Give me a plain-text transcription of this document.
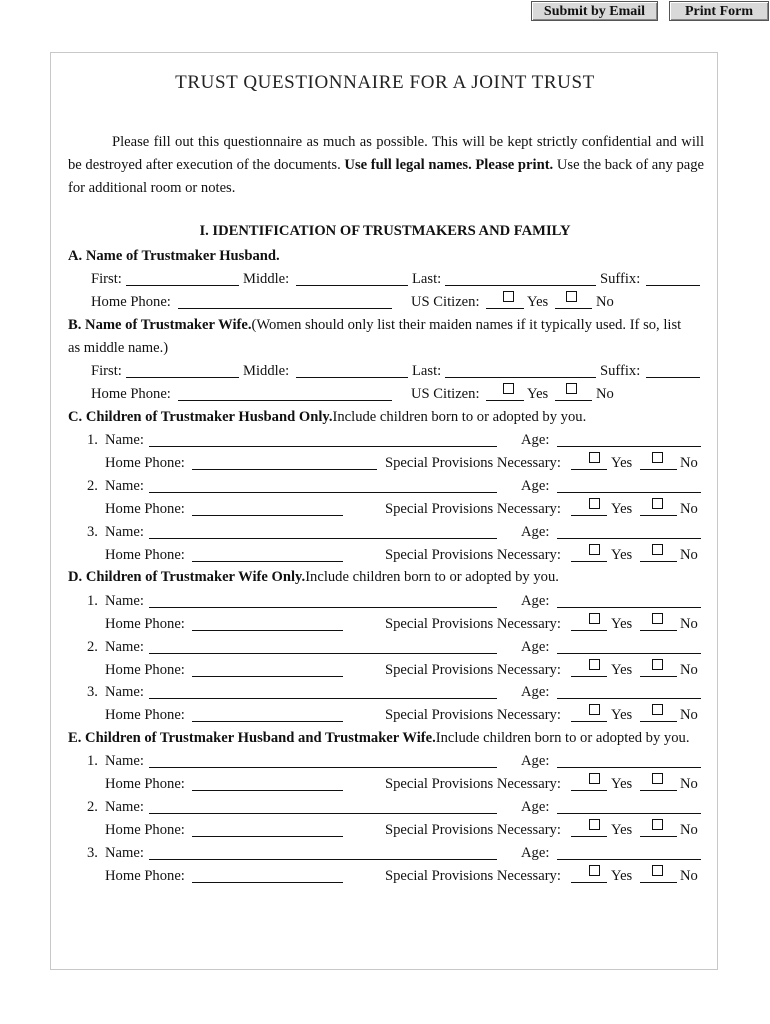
Submit by Email	Print Form
TRUST QUESTIONNAIRE FOR A JOINT TRUST
Please fill out this questionnaire as much as possible. This will be kept strictly confidential and will be destroyed after execution of the documents. Use full legal names. Please print. Use the back of any page for additional room or notes.
I. IDENTIFICATION OF TRUSTMAKERS AND FAMILY
A. Name of Trustmaker Husband.
First:	Middle:	Last:	Suffix:
Home Phone:	US Citizen:	Yes	No
B. Name of Trustmaker Wife. (Women should only list their maiden names if it typically used. If so, list
as middle name.)
First:	Middle:	Last:	Suffix:
Home Phone:	US Citizen:	Yes	No
C. Children of Trustmaker Husband Only. Include children born to or adopted by you.
1. Name:	Age:
Home Phone:	Special Provisions Necessary:	Yes	No
2. Name:	Age:
Home Phone:	Special Provisions Necessary:	Yes	No
3. Name:	Age:
Home Phone:	Special Provisions Necessary:	Yes	No
D. Children of Trustmaker Wife Only. Include children born to or adopted by you.
1. Name:	Age:
Home Phone:	Special Provisions Necessary:	Yes	No
2. Name:	Age:
Home Phone:	Special Provisions Necessary:	Yes	No
3. Name:	Age:
Home Phone:	Special Provisions Necessary:	Yes	No
E. Children of Trustmaker Husband and Trustmaker Wife. Include children born to or adopted by you.
1. Name:	Age:
Home Phone:	Special Provisions Necessary:	Yes	No
2. Name:	Age:
Home Phone:	Special Provisions Necessary:	Yes	No
3. Name:	Age:
Home Phone:	Special Provisions Necessary:	Yes	No
